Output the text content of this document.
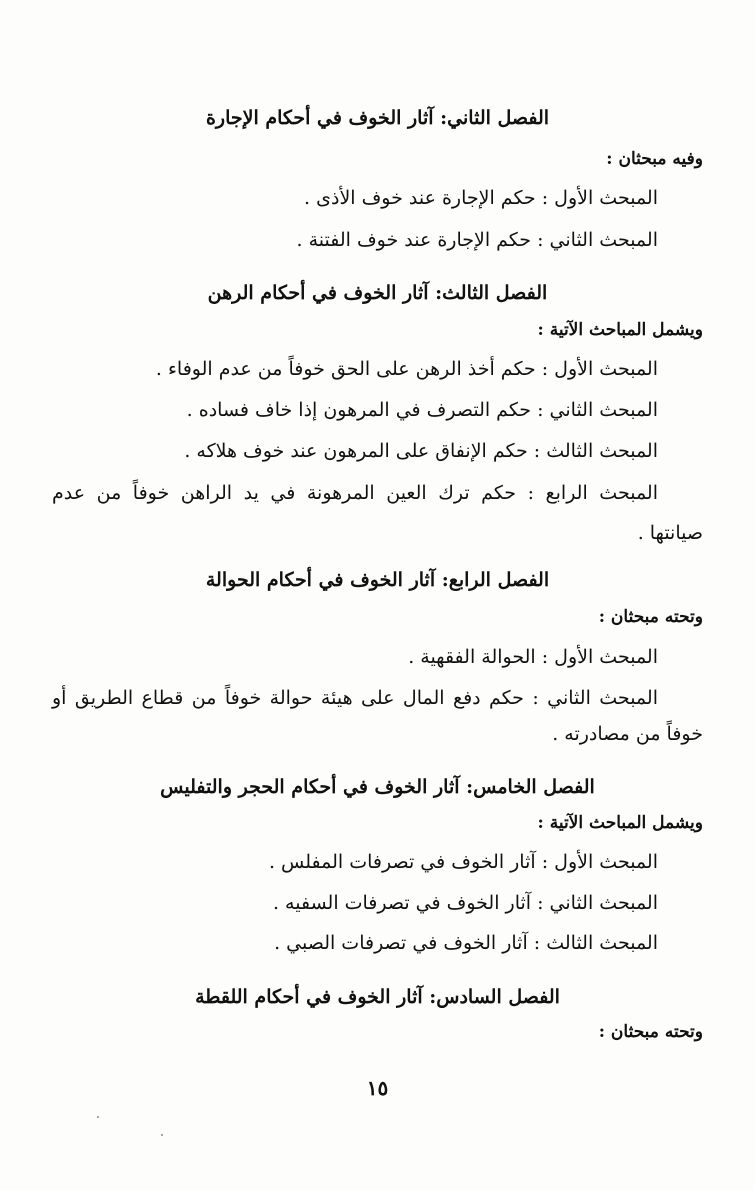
الفصل الثاني: آثار الخوف في أحكام الإجارة
وفيه مبحثان :
المبحث الأول : حكم الإجارة عند خوف الأذى .
المبحث الثاني : حكم الإجارة عند خوف الفتنة .
الفصل الثالث: آثار الخوف في أحكام الرهن
ويشمل المباحث الآتية :
المبحث الأول : حكم أخذ الرهن على الحق خوفاً من عدم الوفاء .
المبحث الثاني : حكم التصرف في المرهون إذا خاف فساده .
المبحث الثالث : حكم الإنفاق على المرهون عند خوف هلاكه .
المبحث الرابع : حكم ترك العين المرهونة في يد الراهن خوفاً من عدم
صيانتها .
الفصل الرابع: آثار الخوف في أحكام الحوالة
وتحته مبحثان :
المبحث الأول : الحوالة الفقهية .
المبحث الثاني : حكم دفع المال على هيئة حوالة خوفاً من قطاع الطريق أو
خوفاً من مصادرته .
الفصل الخامس: آثار الخوف في أحكام الحجر والتفليس
ويشمل المباحث الآتية :
المبحث الأول : آثار الخوف في تصرفات المفلس .
المبحث الثاني : آثار الخوف في تصرفات السفيه .
المبحث الثالث : آثار الخوف في تصرفات الصبي .
الفصل السادس: آثار الخوف في أحكام اللقطة
وتحته مبحثان :
١٥
